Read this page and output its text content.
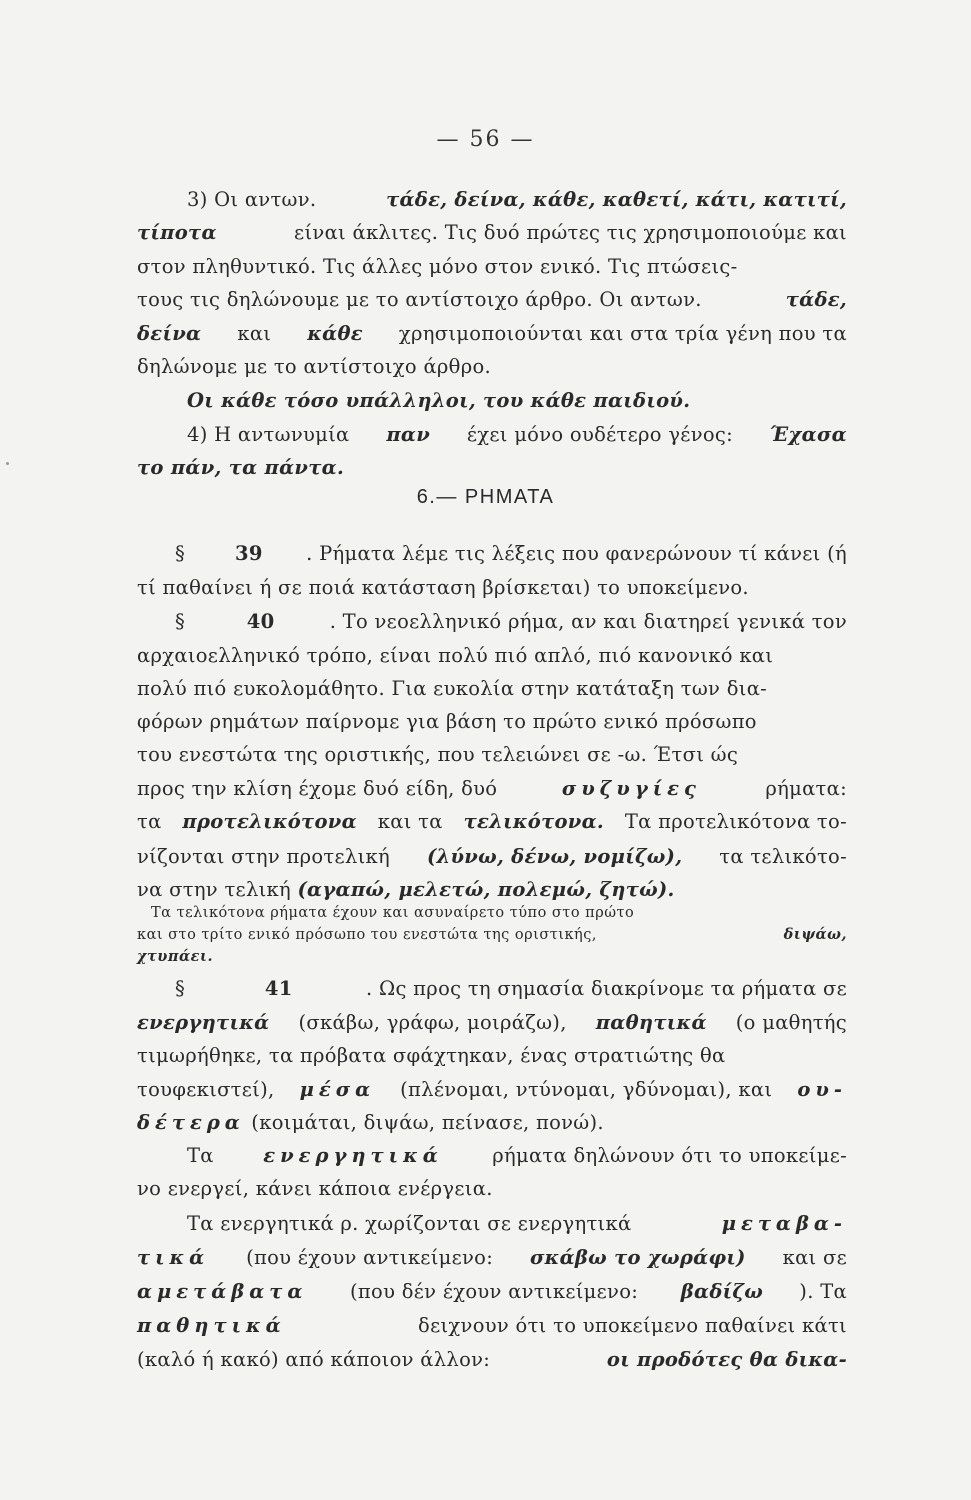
— 56 —
6.— ΡΗΜΑΤΑ
3) Οι αντων.	τάδε, δείνα, κάθε, καθετί, κάτι, κατιτί,
τίποτα	είναι άκλιτες. Τις δυό πρώτες τις χρησιμοποιούμε και
στον πληθυντικό. Τις άλλες μόνο στον ενικό. Τις πτώσεις-
τους τις δηλώνουμε με το αντίστοιχο άρθρο. Οι αντων.	τάδε,
δείνα και κάθε χρησιμοποιούνται και στα τρία γένη που τα
δηλώνομε με το αντίστοιχο άρθρο.
Οι κάθε τόσο υπάλληλοι, του κάθε παιδιού.
4) Η αντωνυμία παν έχει μόνο ουδέτερο γένος: Έχασα
το πάν, τα πάντα.
§ 39 . Ρήματα λέμε τις λέξεις που φανερώνουν τί κάνει (ή
τί παθαίνει ή σε ποιά κατάσταση βρίσκεται) το υποκείμενο.
§	40	. Το νεοελληνικό ρήμα, αν και διατηρεί γενικά τον
αρχαιοελληνικό τρόπο, είναι πολύ πιό απλό, πιό κανονικό και
πολύ πιό ευκολομάθητο. Για ευκολία στην κατάταξη των δια-
φόρων ρημάτων παίρνομε για βάση το πρώτο ενικό πρόσωπο
του ενεστώτα της οριστικής, που τελειώνει σε -ω. Έτσι ώς
προς την κλίση έχομε δυό είδη, δυό	συζυγίες	ρήματα:
τα προτελικότονα και τα τελικότονα. Τα προτελικότονα το-
νίζονται στην προτελική (λύνω, δένω, νομίζω), τα τελικότο-
να στην τελική (αγαπώ, μελετώ, πολεμώ, ζητώ).
Τα τελικότονα ρήματα έχουν και ασυναίρετο τύπο στο πρώτο
και στο τρίτο ενικό πρόσωπο του ενεστώτα της οριστικής,	διψάω,
χτυπάει.
§	41	. Ως προς τη σημασία διακρίνομε τα ρήματα σε
ενεργητικά (σκάβω, γράφω, μοιράζω), παθητικά (ο μαθητής
τιμωρήθηκε, τα πρόβατα σφάχτηκαν, ένας στρατιώτης θα
τουφεκιστεί), μέσα (πλένομαι, ντύνομαι, γδύνομαι), και ου-
δέτερα (κοιμάται, διψάω, πείνασε, πονώ).
Τα ενεργητικά ρήματα δηλώνουν ότι το υποκείμε-
νο ενεργεί, κάνει κάποια ενέργεια.
Τα ενεργητικά ρ. χωρίζονται σε ενεργητικά	μεταβα-
τικά (που έχουν αντικείμενο: σκάβω το χωράφι) και σε
αμετάβατα (που δέν έχουν αντικείμενο: βαδίζω ). Τα
παθητικά	δειχνουν ότι το υποκείμενο παθαίνει κάτι
(καλό ή κακό) από κάποιον άλλον:	οι προδότες θα δικα-
